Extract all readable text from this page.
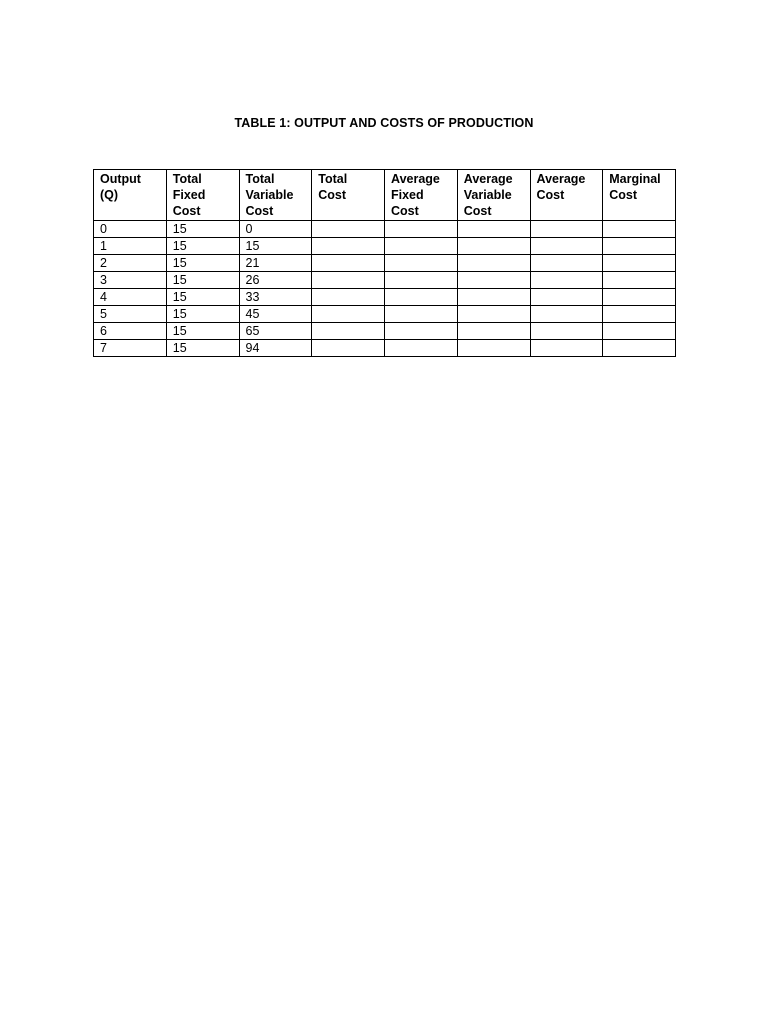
TABLE 1: OUTPUT AND COSTS OF PRODUCTION
Output
(Q)	Total
Fixed
Cost	Total
Variable
Cost	Total
Cost	Average
Fixed
Cost	Average
Variable
Cost	Average
Cost	Marginal
Cost

0	15	0					
1	15	15					
2	15	21					
3	15	26					
4	15	33					
5	15	45					
6	15	65					
7	15	94					
